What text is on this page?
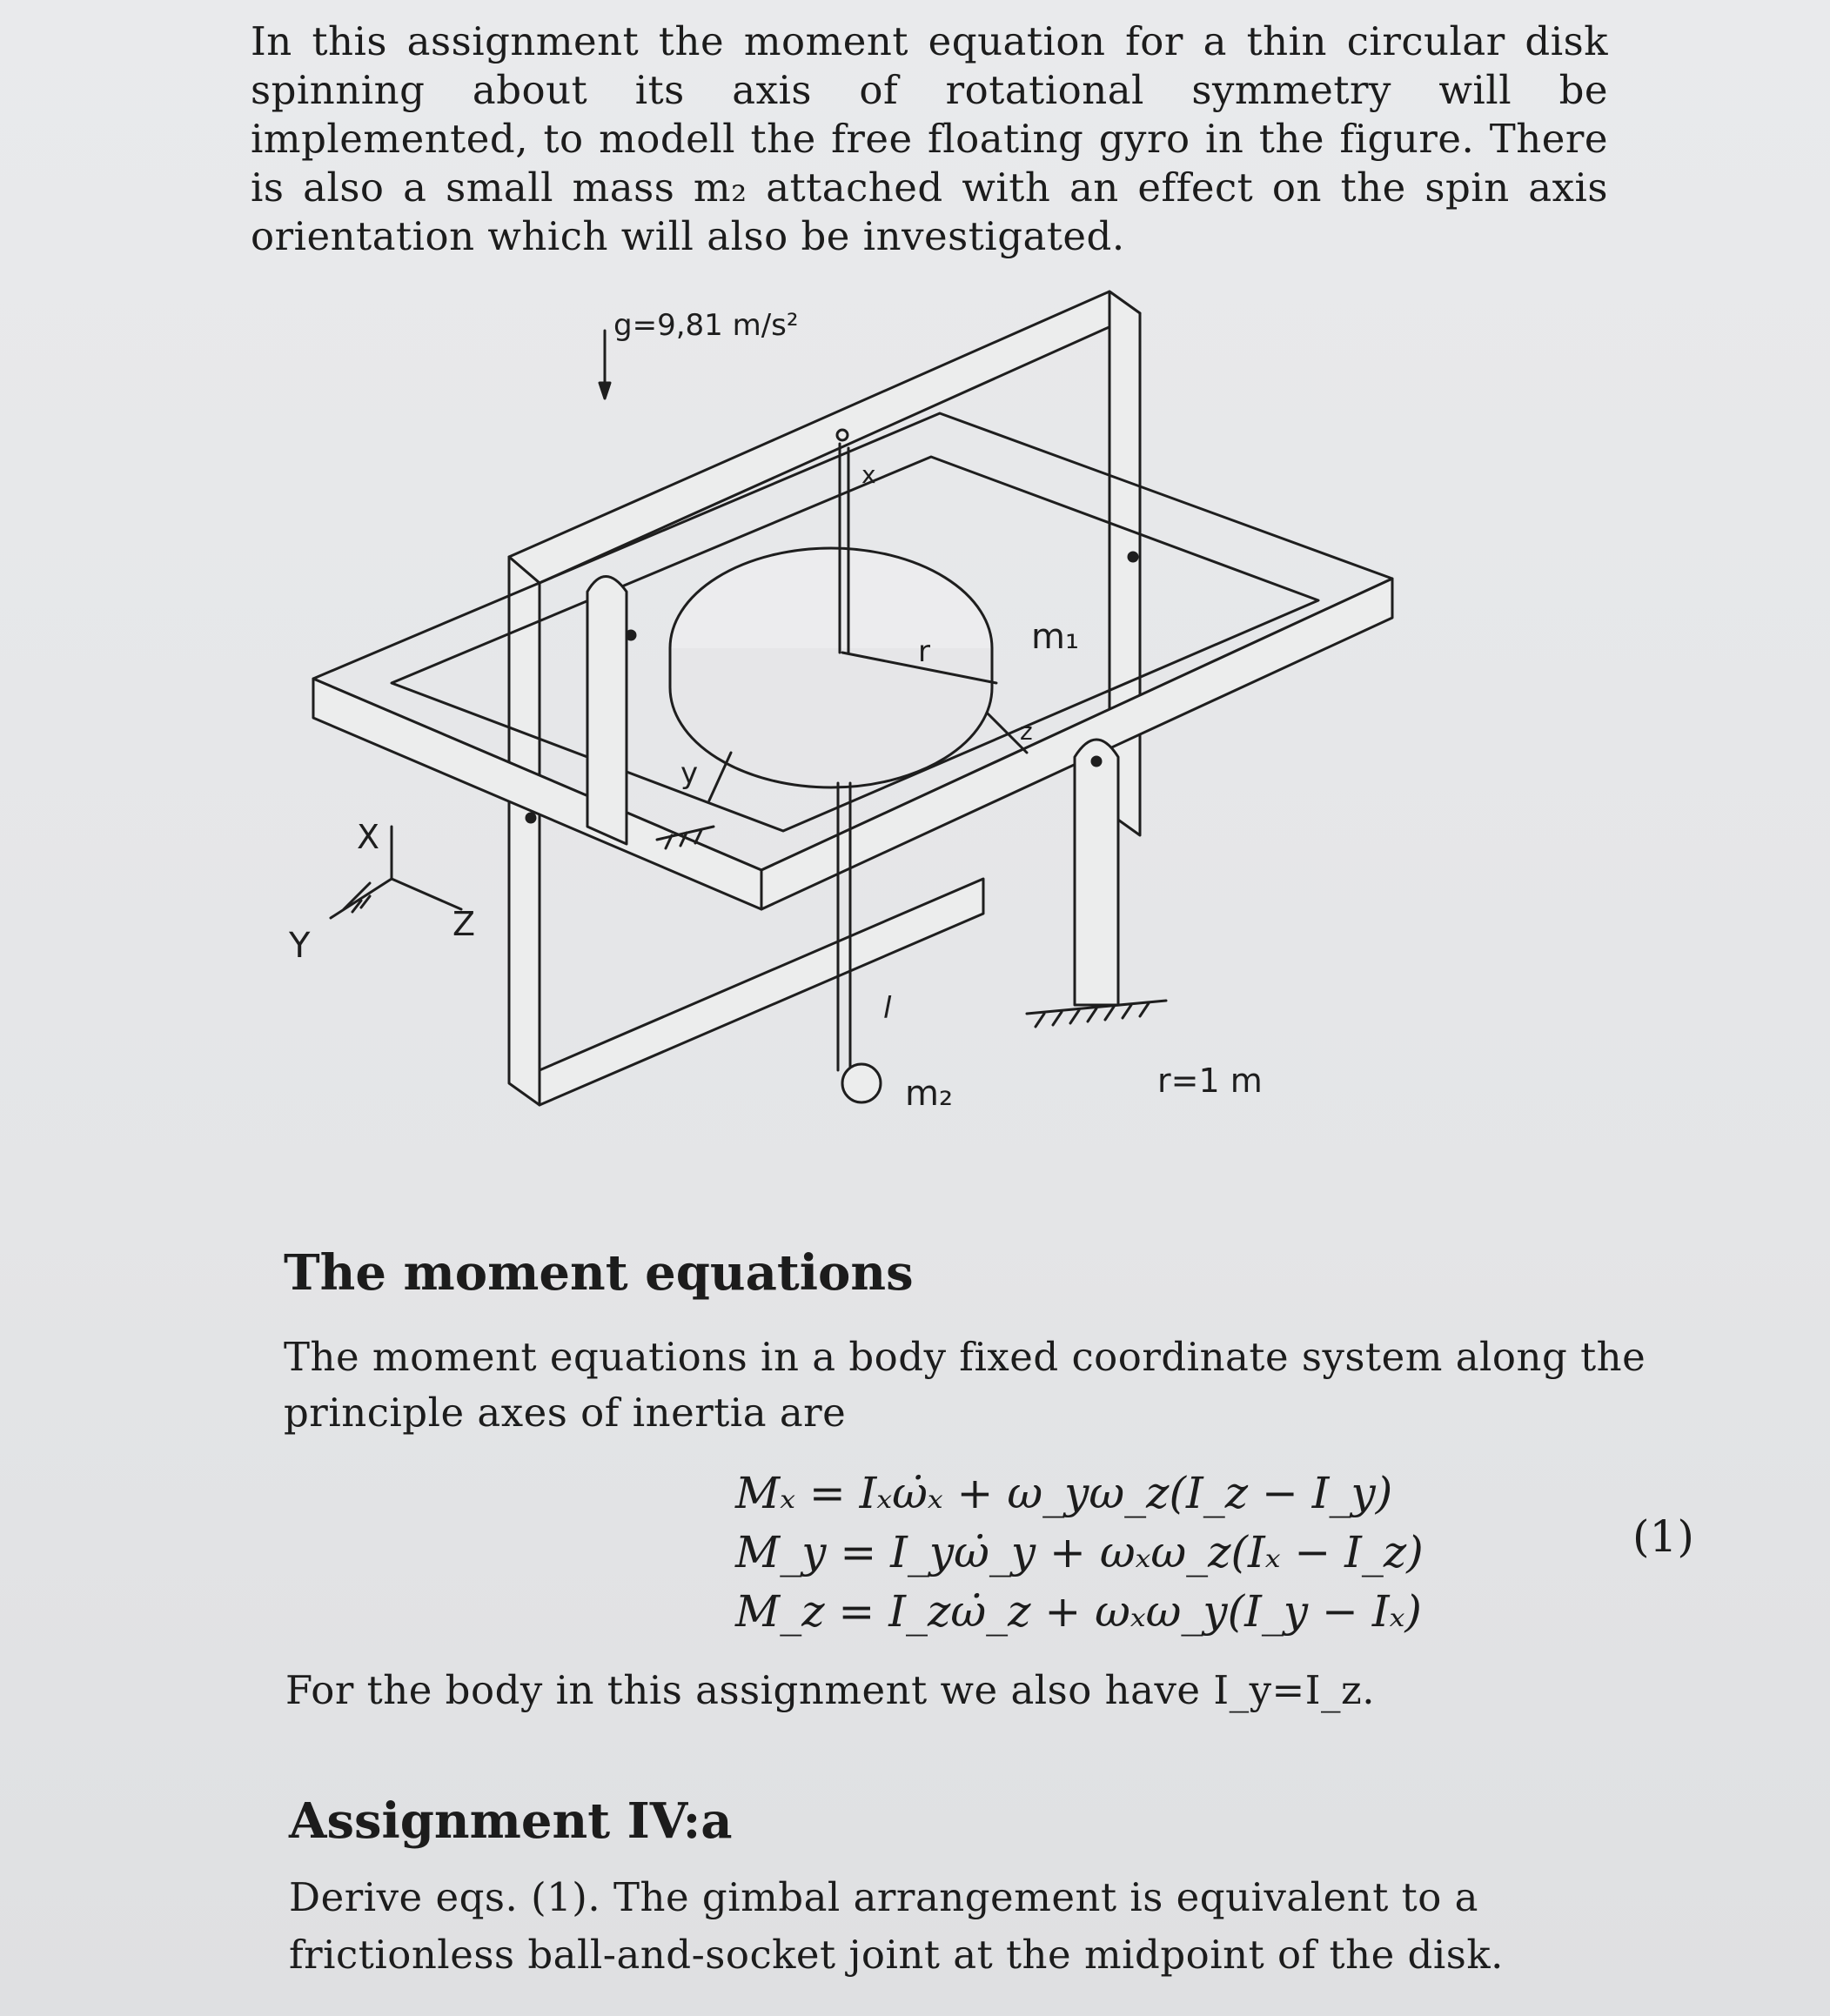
In this assignment the moment equation for a thin circular disk spinning about its axis of rotational symmetry will be implemented, to modell the free floating gyro in the figure. There is also a small mass m₂ attached with an effect on the spin axis orientation which will also be investigated.

g=9,81 m/s²
x
r	m₁
y
z
l
m₂	r=1 m
X
Y
Z
The moment equations

The moment equations in a body fixed coordinate system along the principle axes of inertia are

Mₓ = Iₓω̇ₓ + ω_yω_z(I_z − I_y)
M_y = I_yω̇_y + ωₓω_z(Iₓ − I_z)
M_z = I_zω̇_z + ωₓω_y(I_y − Iₓ)
(1)

For the body in this assignment we also have I_y=I_z.

Assignment IV:a

Derive eqs. (1). The gimbal arrangement is equivalent to a frictionless ball-and-socket joint at the midpoint of the disk.
